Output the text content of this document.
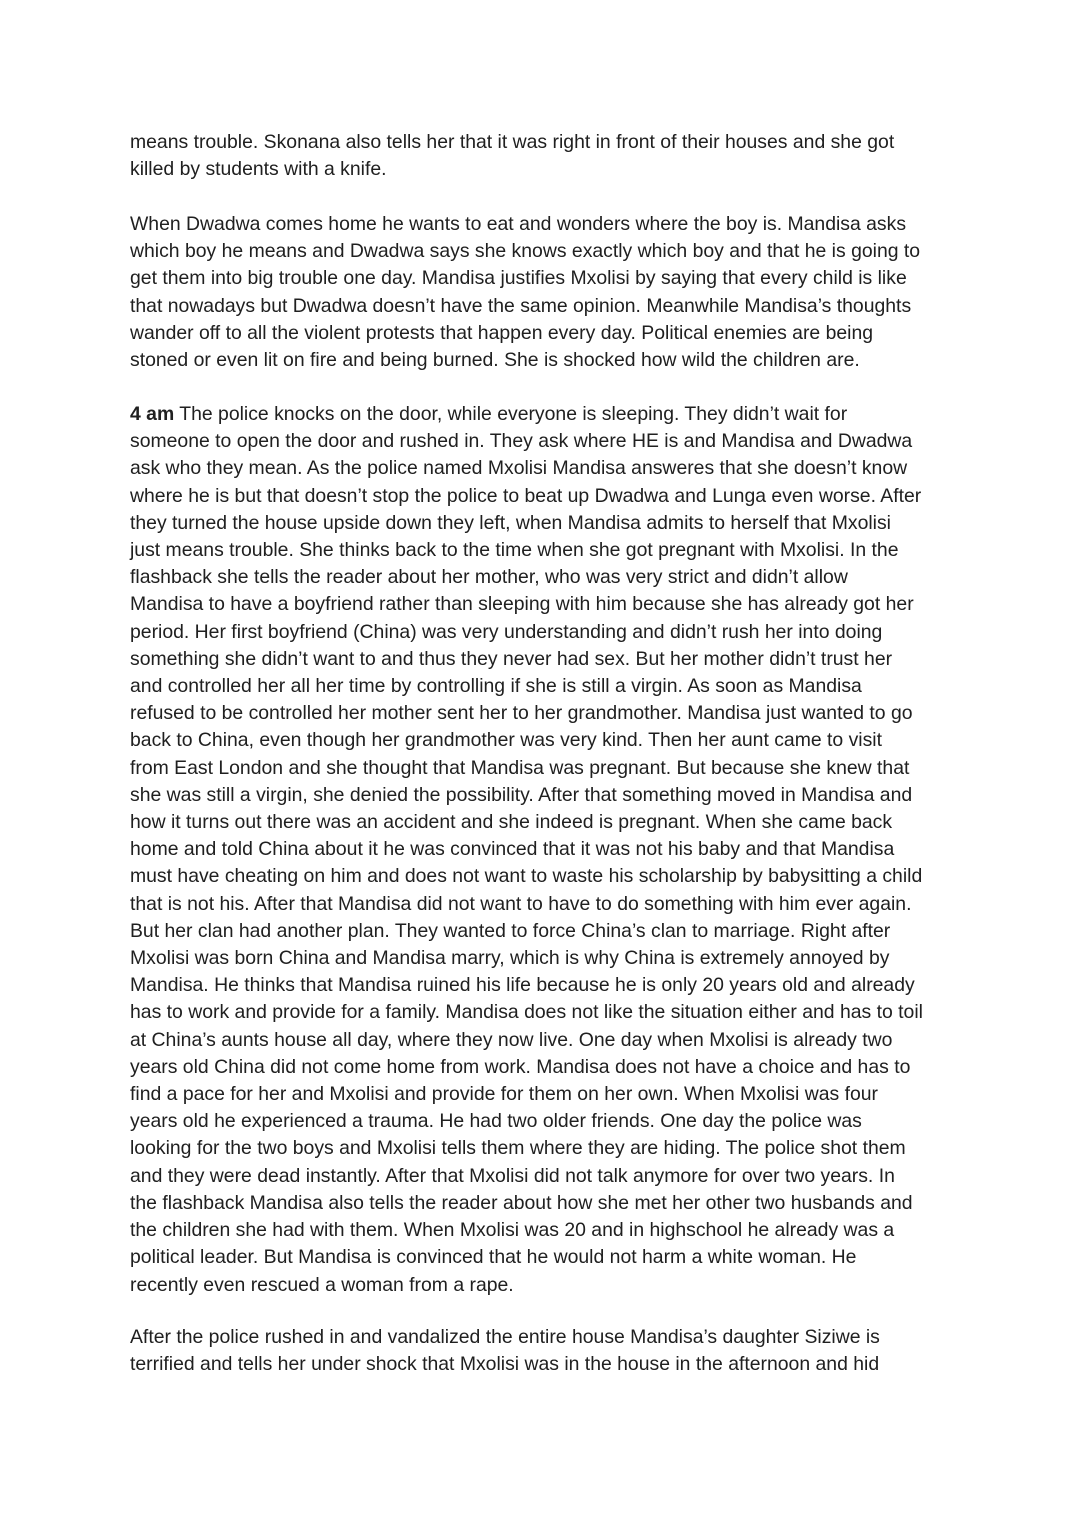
means trouble. Skonana also tells her that it was right in front of their houses and she got
killed by students with a knife.

When Dwadwa comes home he wants to eat and wonders where the boy is. Mandisa asks
which boy he means and Dwadwa says she knows exactly which boy and that he is going to
get them into big trouble one day. Mandisa justifies Mxolisi by saying that every child is like
that nowadays but Dwadwa doesn’t have the same opinion. Meanwhile Mandisa’s thoughts
wander off to all the violent protests that happen every day. Political enemies are being
stoned or even lit on fire and being burned. She is shocked how wild the children are.

4 am The police knocks on the door, while everyone is sleeping. They didn’t wait for
someone to open the door and rushed in. They ask where HE is and Mandisa and Dwadwa
ask who they mean. As the police named Mxolisi Mandisa answeres that she doesn’t know
where he is but that doesn’t stop the police to beat up Dwadwa and Lunga even worse. After
they turned the house upside down they left, when Mandisa admits to herself that Mxolisi
just means trouble. She thinks back to the time when she got pregnant with Mxolisi. In the
flashback she tells the reader about her mother, who was very strict and didn’t allow
Mandisa to have a boyfriend rather than sleeping with him because she has already got her
period. Her first boyfriend (China) was very understanding and didn’t rush her into doing
something she didn’t want to and thus they never had sex. But her mother didn’t trust her
and controlled her all her time by controlling if she is still a virgin. As soon as Mandisa
refused to be controlled her mother sent her to her grandmother. Mandisa just wanted to go
back to China, even though her grandmother was very kind. Then her aunt came to visit
from East London and she thought that Mandisa was pregnant. But because she knew that
she was still a virgin, she denied the possibility. After that something moved in Mandisa and
how it turns out there was an accident and she indeed is pregnant. When she came back
home and told China about it he was convinced that it was not his baby and that Mandisa
must have cheating on him and does not want to waste his scholarship by babysitting a child
that is not his. After that Mandisa did not want to have to do something with him ever again.
But her clan had another plan. They wanted to force China’s clan to marriage. Right after
Mxolisi was born China and Mandisa marry, which is why China is extremely annoyed by
Mandisa. He thinks that Mandisa ruined his life because he is only 20 years old and already
has to work and provide for a family. Mandisa does not like the situation either and has to toil
at China’s aunts house all day, where they now live. One day when Mxolisi is already two
years old China did not come home from work. Mandisa does not have a choice and has to
find a pace for her and Mxolisi and provide for them on her own. When Mxolisi was four
years old he experienced a trauma. He had two older friends. One day the police was
looking for the two boys and Mxolisi tells them where they are hiding. The police shot them
and they were dead instantly. After that Mxolisi did not talk anymore for over two years. In
the flashback Mandisa also tells the reader about how she met her other two husbands and
the children she had with them. When Mxolisi was 20 and in highschool he already was a
political leader. But Mandisa is convinced that he would not harm a white woman. He
recently even rescued a woman from a rape.

After the police rushed in and vandalized the entire house Mandisa’s daughter Siziwe is
terrified and tells her under shock that Mxolisi was in the house in the afternoon and hid
